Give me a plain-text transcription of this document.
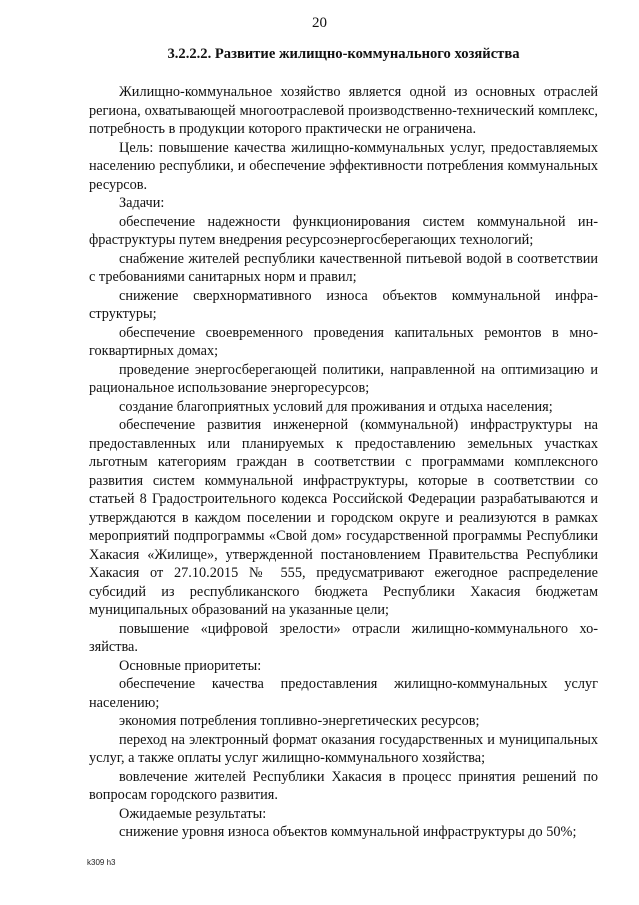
20
3.2.2.2. Развитие жилищно-коммунального хозяйства

Жилищно-коммунальное хозяйство является одной из основных отраслей региона, охватывающей многоотраслевой производственно-технический комплекс, потребность в продукции которого практически не ограничена.

Цель: повышение качества жилищно-коммунальных услуг, предоставляемых населению республики, и обеспечение эффективности потребления коммунальных ресурсов.

Задачи:

обеспечение надежности функционирования систем коммунальной инфраструктуры путем внедрения ресурсоэнергосберегающих технологий;

снабжение жителей республики качественной питьевой водой в соответствии с требованиями санитарных норм и правил;

снижение сверхнормативного износа объектов коммунальной инфраструктуры;

обеспечение своевременного проведения капитальных ремонтов в многоквартирных домах;

проведение энергосберегающей политики, направленной на оптимизацию и рациональное использование энергоресурсов;

создание благоприятных условий для проживания и отдыха населения;

обеспечение развития инженерной (коммунальной) инфраструктуры на предоставленных или планируемых к предоставлению земельных участках льготным категориям граждан в соответствии с программами комплексного развития систем коммунальной инфраструктуры, которые в соответствии со статьей 8 Градостроительного кодекса Российской Федерации разрабатываются и утверждаются в каждом поселении и городском округе и реализуются в рамках мероприятий подпрограммы «Свой дом» государственной программы Республики Хакасия «Жилище», утвержденной постановлением Правительства Республики Хакасия от 27.10.2015 № 555, предусматривают ежегодное распределение субсидий из республиканского бюджета Республики Хакасия бюджетам муниципальных образований на указанные цели;

повышение «цифровой зрелости» отрасли жилищно-коммунального хозяйства.

Основные приоритеты:

обеспечение качества предоставления жилищно-коммунальных услуг населению;

экономия потребления топливно-энергетических ресурсов;

переход на электронный формат оказания государственных и муниципальных услуг, а также оплаты услуг жилищно-коммунального хозяйства;

вовлечение жителей Республики Хакасия в процесс принятия решений по вопросам городского развития.

Ожидаемые результаты:

снижение уровня износа объектов коммунальной инфраструктуры до 50%;

k309 h3
